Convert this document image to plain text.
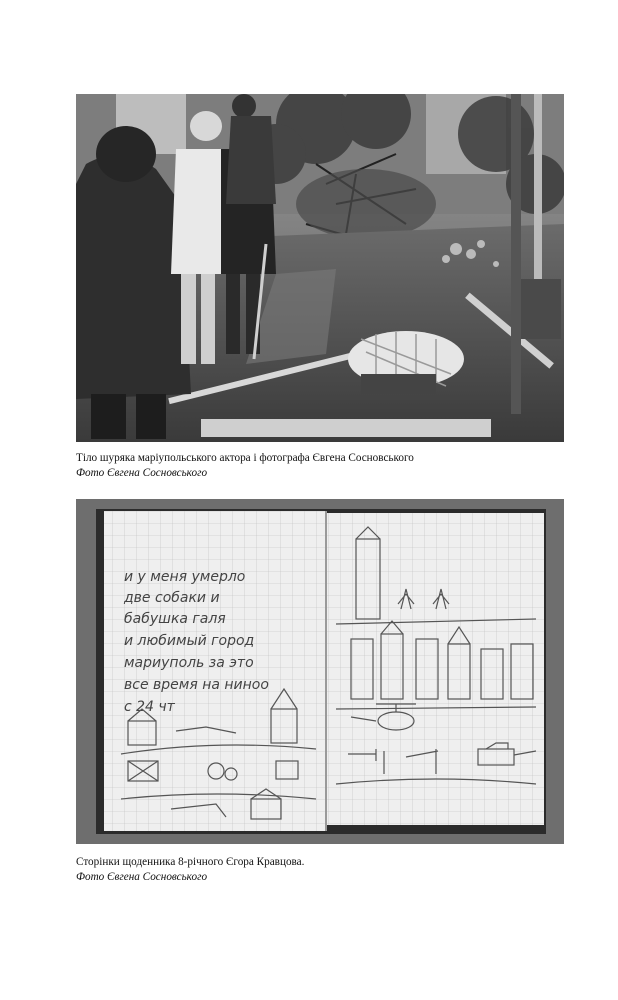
Тіло шуряка маріупольського актора і фотографа Євгена Сосновського
Фото Євгена Сосновського
и у меня умерло
две собаки и
бабушка галя
и любимый город
мариуполь за это
все время на ниноо
с 24 чт
Сторінки щоденника 8-річного Єгора Кравцова.
Фото Євгена Сосновського
